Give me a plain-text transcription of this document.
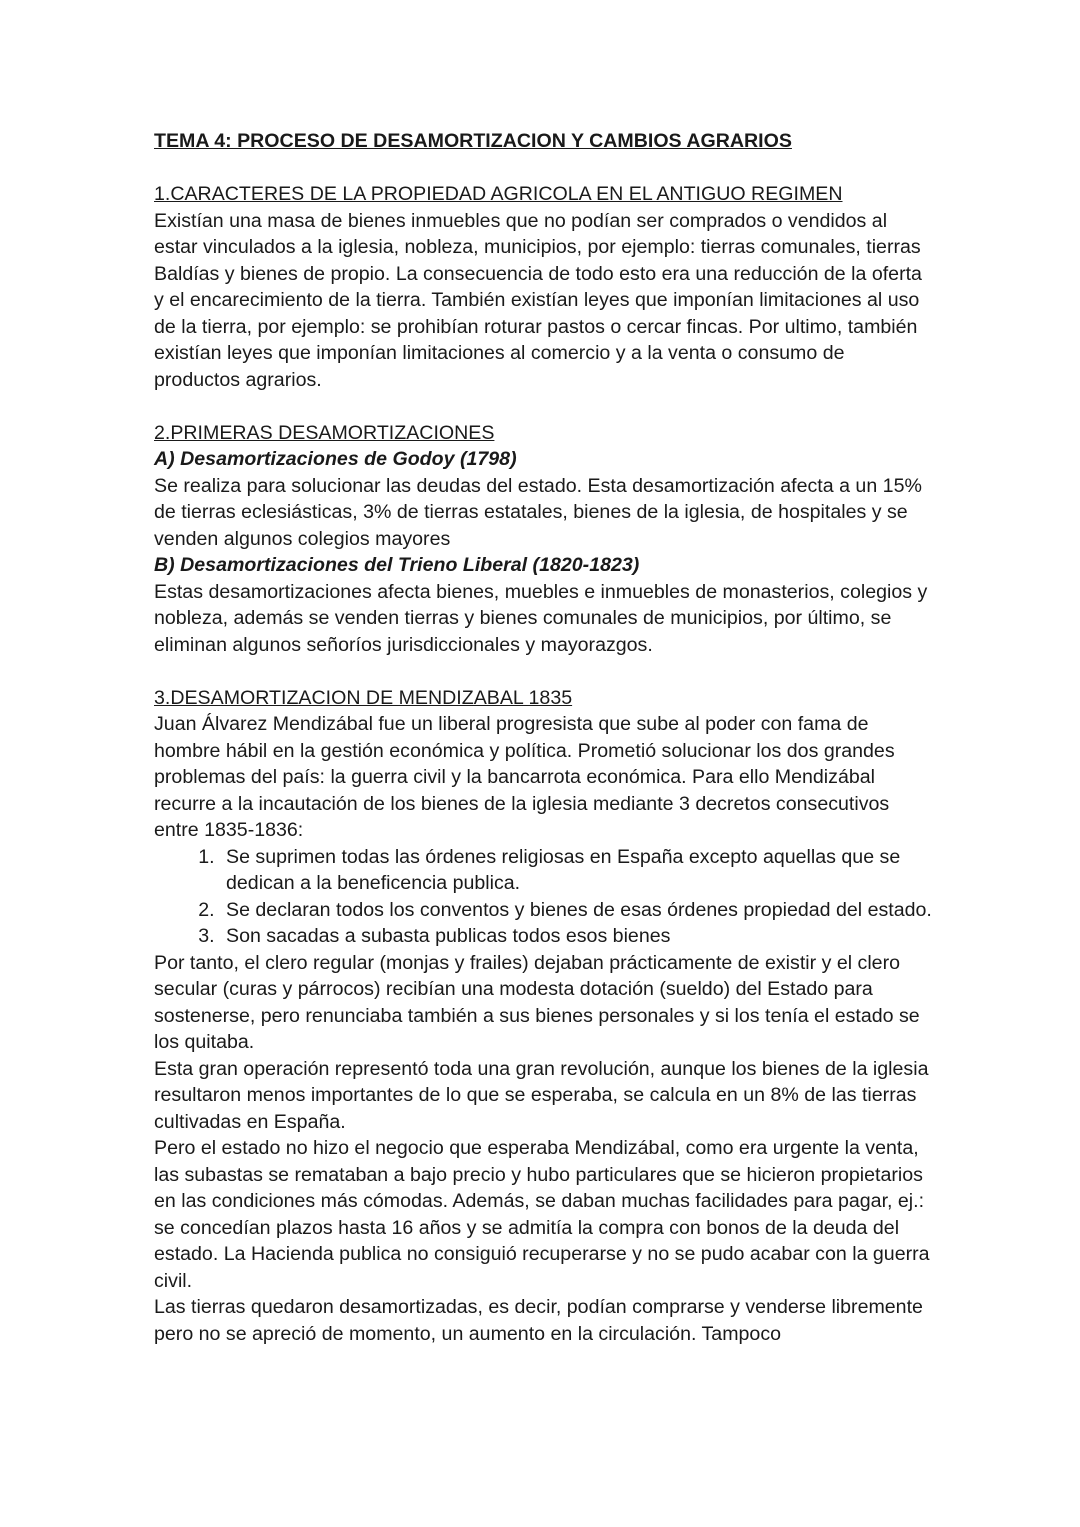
TEMA 4: PROCESO DE DESAMORTIZACION Y CAMBIOS AGRARIOS

1.CARACTERES DE LA PROPIEDAD AGRICOLA EN EL ANTIGUO REGIMEN

Existían una masa de bienes inmuebles que no podían ser comprados o vendidos al estar vinculados a la iglesia, nobleza, municipios, por ejemplo: tierras comunales, tierras Baldías y bienes de propio. La consecuencia de todo esto era una reducción de la oferta y el encarecimiento de la tierra. También existían leyes que imponían limitaciones al uso de la tierra, por ejemplo: se prohibían roturar pastos o cercar fincas. Por ultimo, también existían leyes que imponían limitaciones al comercio y a la venta o consumo de productos agrarios.

2.PRIMERAS DESAMORTIZACIONES

A) Desamortizaciones de Godoy (1798)

Se realiza para solucionar las deudas del estado. Esta desamortización afecta a un 15% de tierras eclesiásticas, 3% de tierras estatales, bienes de la iglesia, de hospitales y se venden algunos colegios mayores

B) Desamortizaciones del Trieno Liberal (1820-1823)

Estas desamortizaciones afecta bienes, muebles e inmuebles de monasterios, colegios y nobleza, además se venden tierras y bienes comunales de municipios, por último, se eliminan algunos señoríos jurisdiccionales y mayorazgos.

3.DESAMORTIZACION DE MENDIZABAL 1835

Juan Álvarez Mendizábal fue un liberal progresista que sube al poder con fama de hombre hábil en la gestión económica y política. Prometió solucionar los dos grandes problemas del país: la guerra civil y la bancarrota económica. Para ello Mendizábal recurre a la incautación de los bienes de la iglesia mediante 3 decretos consecutivos entre 1835-1836:

1. Se suprimen todas las órdenes religiosas en España excepto aquellas que se dedican a la beneficencia publica.
2. Se declaran todos los conventos y bienes de esas órdenes propiedad del estado.
3. Son sacadas a subasta publicas todos esos bienes

Por tanto, el clero regular (monjas y frailes) dejaban prácticamente de existir y el clero secular (curas y párrocos) recibían una modesta dotación (sueldo) del Estado para sostenerse, pero renunciaba también a sus bienes personales y si los tenía el estado se los quitaba.

Esta gran operación representó toda una gran revolución, aunque los bienes de la iglesia resultaron menos importantes de lo que se esperaba, se calcula en un 8% de las tierras cultivadas en España.

Pero el estado no hizo el negocio que esperaba Mendizábal, como era urgente la venta, las subastas se remataban a bajo precio y hubo particulares que se hicieron propietarios en las condiciones más cómodas. Además, se daban muchas facilidades para pagar, ej.: se concedían plazos hasta 16 años y se admitía la compra con bonos de la deuda del estado. La Hacienda publica no consiguió recuperarse y no se pudo acabar con la guerra civil.

Las tierras quedaron desamortizadas, es decir, podían comprarse y venderse libremente pero no se apreció de momento, un aumento en la circulación. Tampoco
